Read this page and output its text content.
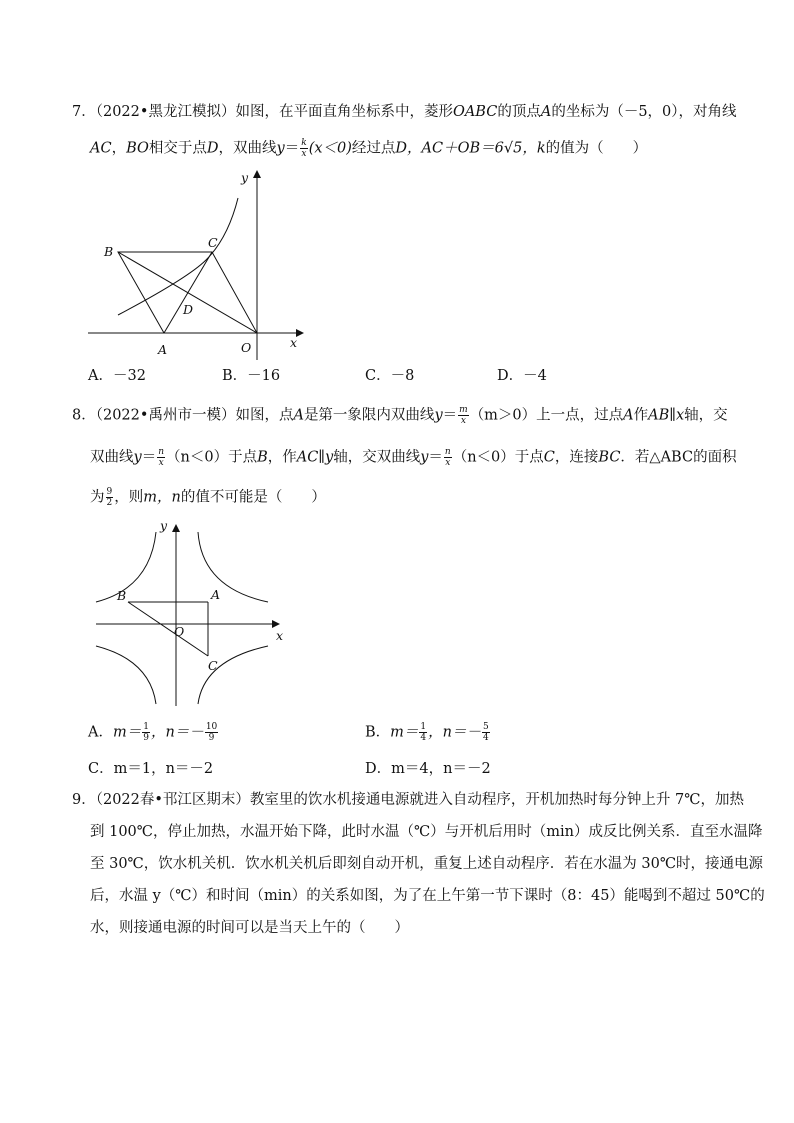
7．（2022•黑龙江模拟）如图，在平面直角坐标系中，菱形OABC的顶点A的坐标为（－5，0），对角线
AC，BO相交于点D，双曲线$y= \frac{k}{x} (x<0)$经过点D，AC＋OB＝6√5，k的值为（　　）
y
x
B
C
D
A	O
A．－32	B．－16	C．－8	D．－4
8．（2022•禹州市一模）如图，点A是第一象限内双曲线$y= \frac{m}{x} (m>0)$上一点，过点A作AB∥x轴，交
双曲线$y= \frac{n}{x} (n<0)$于点B，作AC∥y轴，交双曲线$y= \frac{n}{x} (n<0)$于点C，连接BC．若△ABC的面积
为 $\frac{9}{2}$ ，则m，n的值不可能是（　　）
y
x
B	A
O
C
A．$m= \frac{1}{9}$ ，$n=- \frac{10}{9}$	B．$m= \frac{1}{4}$ ，$n=- \frac{5}{4}$
C．m＝1，n＝－2	D．m＝4，n＝－2
9．（2022春•邗江区期末）教室里的饮水机接通电源就进入自动程序，开机加热时每分钟上升 7℃，加热
到 100℃，停止加热，水温开始下降，此时水温（℃）与开机后用时（min）成反比例关系．直至水温降
至 30℃，饮水机关机．饮水机关机后即刻自动开机，重复上述自动程序．若在水温为 30℃时，接通电源
后，水温 y（℃）和时间（min）的关系如图，为了在上午第一节下课时（8：45）能喝到不超过 50℃的
水，则接通电源的时间可以是当天上午的（　　）
